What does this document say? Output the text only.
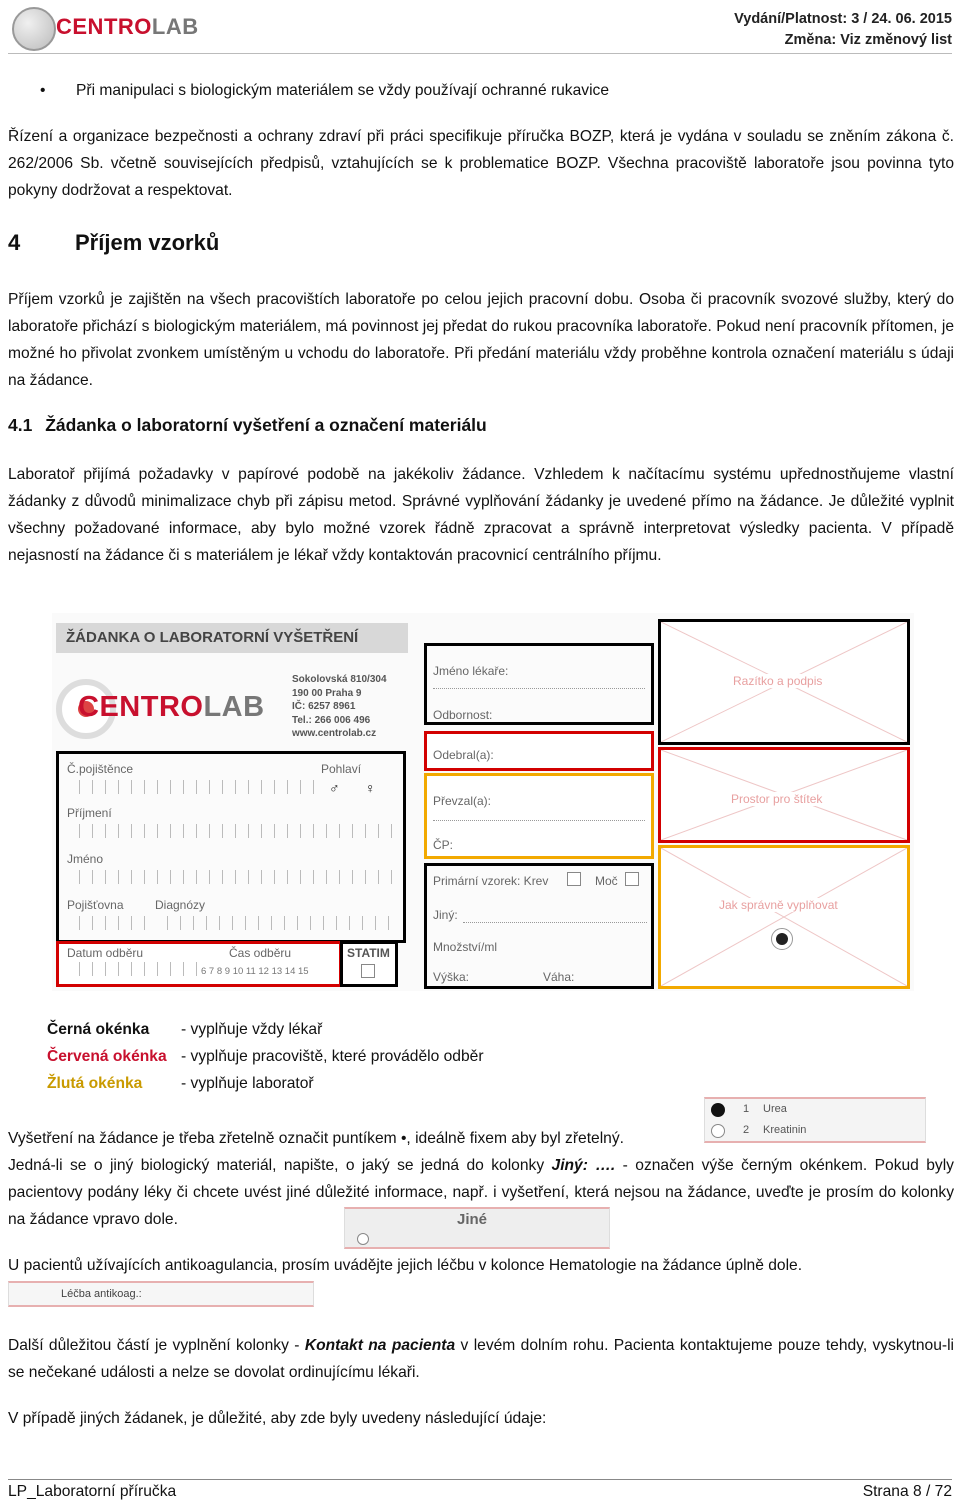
CENTROLAB	Vydání/Platnost: 3 / 24. 06. 2015
Změna: Viz změnový list
• Při manipulaci s biologickým materiálem se vždy používají ochranné rukavice
Řízení a organizace bezpečnosti a ochrany zdraví při práci specifikuje příručka BOZP, která je vydána v souladu se zněním zákona č. 262/2006 Sb. včetně souvisejících předpisů, vztahujících se k problematice BOZP. Všechna pracoviště laboratoře jsou povinna tyto pokyny dodržovat a respektovat.
4 Příjem vzorků
Příjem vzorků je zajištěn na všech pracovištích laboratoře po celou jejich pracovní dobu. Osoba či pracovník svozové služby, který do laboratoře přichází s biologickým materiálem, má povinnost jej předat do rukou pracovníka laboratoře. Pokud není pracovník přítomen, je možné ho přivolat zvonkem umístěným u vchodu do laboratoře. Při předání materiálu vždy proběhne kontrola označení materiálu s údaji na žádance.
4.1 Žádanka o laboratorní vyšetření a označení materiálu
Laboratoř přijímá požadavky v papírové podobě na jakékoliv žádance. Vzhledem k načítacímu systému upřednostňujeme vlastní žádanky z důvodů minimalizace chyb při zápisu metod. Správné vyplňování žádanky je uvedené přímo na žádance. Je důležité vyplnit všechny požadované informace, aby bylo možné vzorek řádně zpracovat a správně interpretovat výsledky pacienta. V případě nejasností na žádance či s materiálem je lékař vždy kontaktován pracovnicí centrálního příjmu.
ŽÁDANKA O LABORATORNÍ VYŠETŘENÍ
CENTROLAB
Sokolovská 810/304
190 00 Praha 9
IČ: 6257 8961
Tel.: 266 006 496
www.centrolab.cz
Č.pojištěnce	Pohlaví
♂ ♀
Příjmení
Jméno
Pojišťovna	Diagnózy
Datum odběru	Čas odběru
6 7 8 9 10 11 12 13 14 15
STATIM
Jméno lékaře:
Odbornost:
Odebral(a):
Převzal(a):
ČP:
Primární vzorek: Krev	Moč
Jiný:
Množství/ml
Výška:	Váha:
Razítko a podpis
Prostor pro štítek
Jak správně vyplňovat
Černá okénka - vyplňuje vždy lékař
Červená okénka - vyplňuje pracoviště, které provádělo odběr
Žlutá okénka - vyplňuje laboratoř
1 Urea
2 Kreatinin
Vyšetření na žádance je třeba zřetelně označit puntíkem •, ideálně fixem aby byl zřetelný.
Jedná-li se o jiný biologický materiál, napište, o jaký se jedná do kolonky Jiný: …. - označen výše černým okénkem. Pokud byly pacientovy podány léky či chcete uvést jiné důležité informace, např. i vyšetření, která nejsou na žádance, uveďte je prosím do kolonky na žádance vpravo dole.	Jiné
U pacientů užívajících antikoagulancia, prosím uvádějte jejich léčbu v kolonce Hematologie na žádance úplně dole.
Léčba antikoag.:
Další důležitou částí je vyplnění kolonky - Kontakt na pacienta v levém dolním rohu. Pacienta kontaktujeme pouze tehdy, vyskytnou-li se nečekané události a nelze se dovolat ordinujícímu lékaři.
V případě jiných žádanek, je důležité, aby zde byly uvedeny následující údaje:
LP_Laboratorní příručka	Strana 8 / 72
